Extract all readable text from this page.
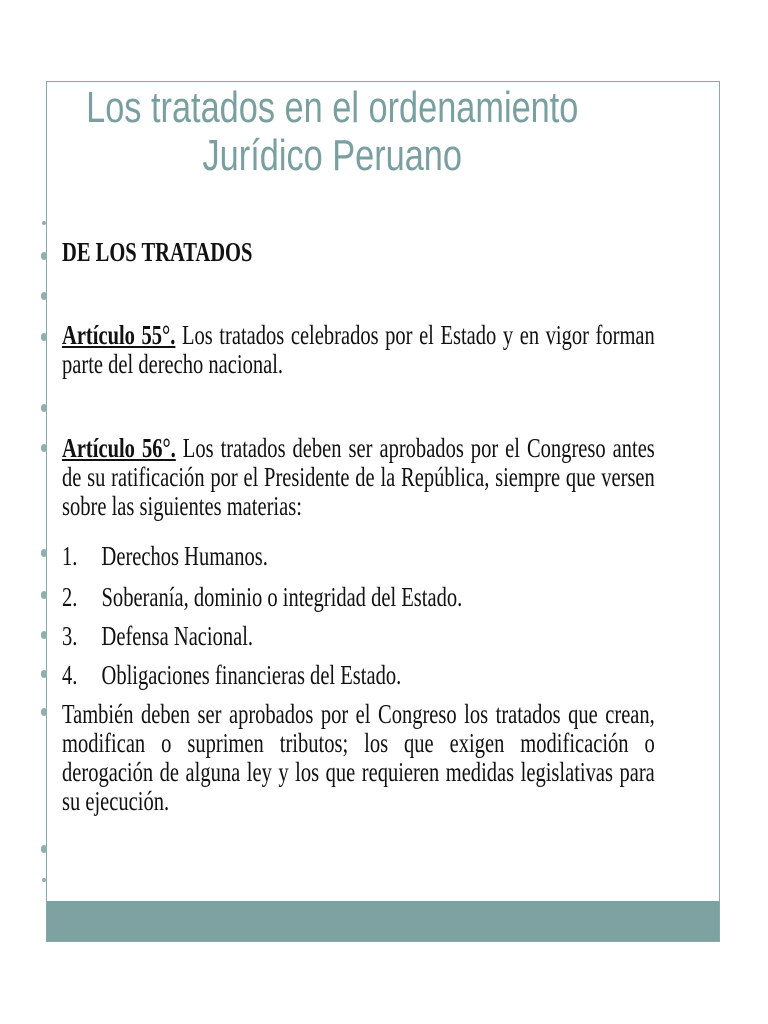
Los tratados en el ordenamiento
Jurídico Peruano

DE LOS TRATADOS

Artículo 55°. Los tratados celebrados por el Estado y en vigor forman parte del derecho nacional.

Artículo 56°. Los tratados deben ser aprobados por el Congreso antes de su ratificación por el Presidente de la República, siempre que versen sobre las siguientes materias:

1. Derechos Humanos.
2. Soberanía, dominio o integridad del Estado.
3. Defensa Nacional.
4. Obligaciones financieras del Estado.

También deben ser aprobados por el Congreso los tratados que crean, modifican o suprimen tributos; los que exigen modificación o derogación de alguna ley y los que requieren medidas legislativas para su ejecución.
